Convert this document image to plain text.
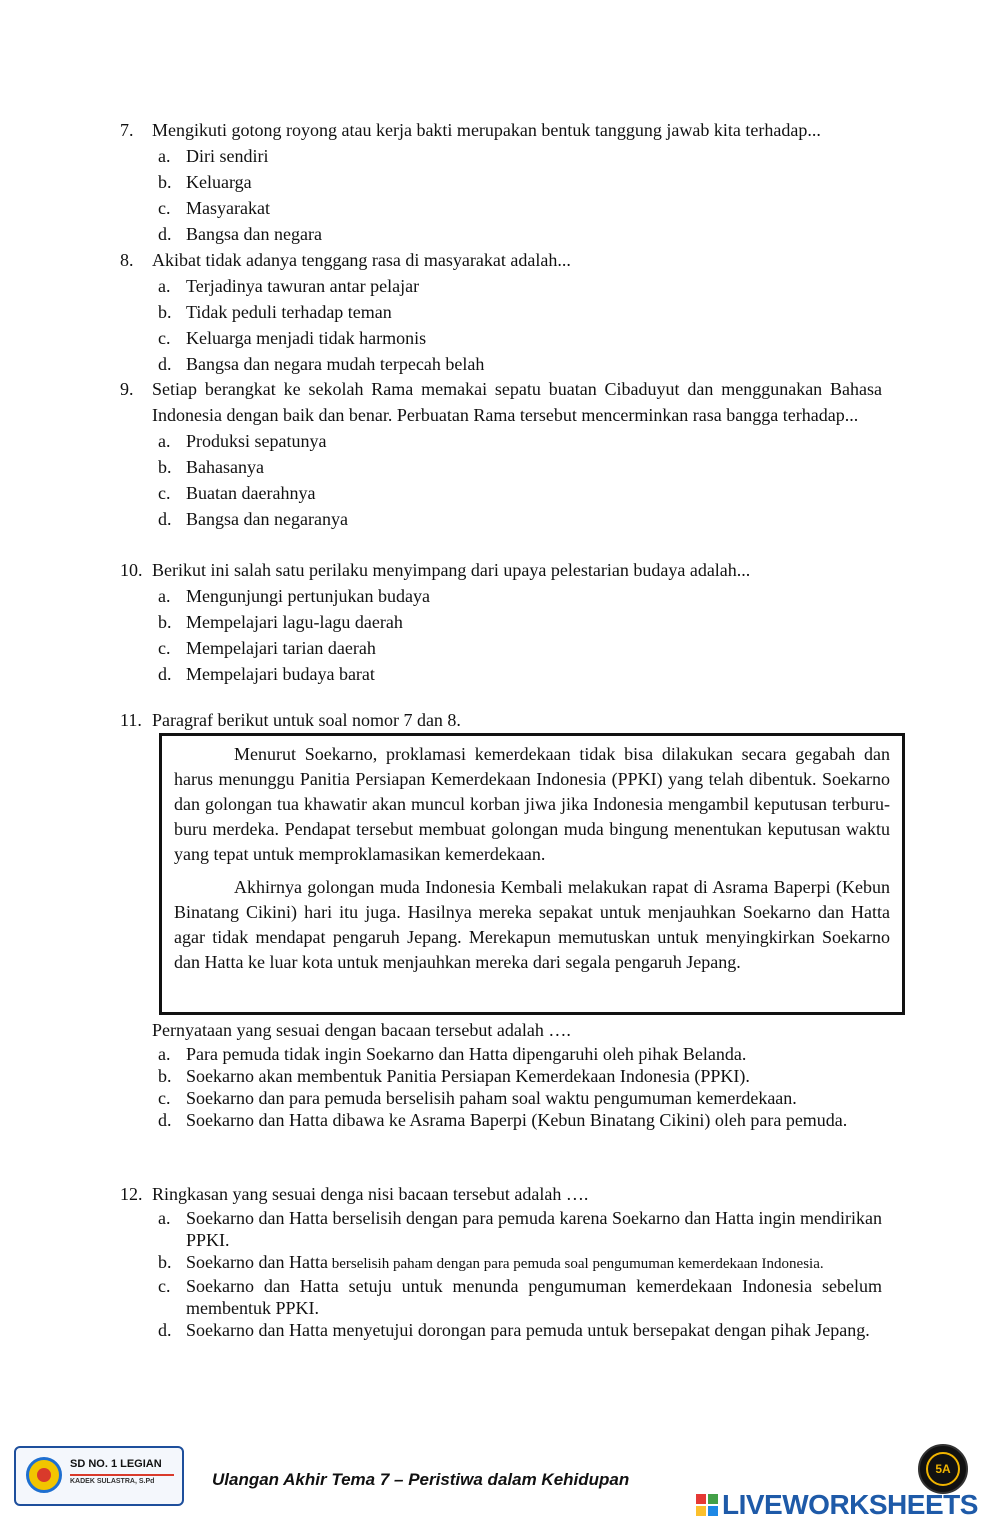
7.	Mengikuti gotong royong atau kerja bakti merupakan bentuk tanggung jawab kita terhadap...
a. Diri sendiri
b. Keluarga
c. Masyarakat
d. Bangsa dan negara
8.	Akibat tidak adanya tenggang rasa di masyarakat adalah...
a. Terjadinya tawuran antar pelajar
b. Tidak peduli terhadap teman
c. Keluarga menjadi tidak harmonis
d. Bangsa dan negara mudah terpecah belah
9.	Setiap berangkat ke sekolah Rama memakai sepatu buatan Cibaduyut dan menggunakan Bahasa Indonesia dengan baik dan benar. Perbuatan Rama tersebut mencerminkan rasa bangga terhadap...
a. Produksi sepatunya
b. Bahasanya
c. Buatan daerahnya
d. Bangsa dan negaranya
10. Berikut ini salah satu perilaku menyimpang dari upaya pelestarian budaya adalah...
a. Mengunjungi pertunjukan budaya
b. Mempelajari lagu-lagu daerah
c. Mempelajari tarian daerah
d. Mempelajari budaya barat
11. Paragraf berikut untuk soal nomor 7 dan 8.

Menurut Soekarno, proklamasi kemerdekaan tidak bisa dilakukan secara gegabah dan harus menunggu Panitia Persiapan Kemerdekaan Indonesia (PPKI) yang telah dibentuk. Soekarno dan golongan tua khawatir akan muncul korban jiwa jika Indonesia mengambil keputusan terburu-buru merdeka. Pendapat tersebut membuat golongan muda bingung menentukan keputusan waktu yang tepat untuk memproklamasikan kemerdekaan.

Akhirnya golongan muda Indonesia Kembali melakukan rapat di Asrama Baperpi (Kebun Binatang Cikini) hari itu juga. Hasilnya mereka sepakat untuk menjauhkan Soekarno dan Hatta agar tidak mendapat pengaruh Jepang. Merekapun memutuskan untuk menyingkirkan Soekarno dan Hatta ke luar kota untuk menjauhkan mereka dari segala pengaruh Jepang.

Pernyataan yang sesuai dengan bacaan tersebut adalah ….
a. Para pemuda tidak ingin Soekarno dan Hatta dipengaruhi oleh pihak Belanda.
b. Soekarno akan membentuk Panitia Persiapan Kemerdekaan Indonesia (PPKI).
c. Soekarno dan para pemuda berselisih paham soal waktu pengumuman kemerdekaan.
d. Soekarno dan Hatta dibawa ke Asrama Baperpi (Kebun Binatang Cikini) oleh para pemuda.
12. Ringkasan yang sesuai denga nisi bacaan tersebut adalah ….
a. Soekarno dan Hatta berselisih dengan para pemuda karena Soekarno dan Hatta ingin mendirikan PPKI.
b. Soekarno dan Hatta berselisih paham dengan para pemuda soal pengumuman kemerdekaan Indonesia.
c. Soekarno dan Hatta setuju untuk menunda pengumuman kemerdekaan Indonesia sebelum membentuk PPKI.
d. Soekarno dan Hatta menyetujui dorongan para pemuda untuk bersepakat dengan pihak Jepang.
SD NO. 1 LEGIAN
KADEK SULASTRA, S.Pd	Ulangan Akhir Tema 7 – Peristiwa dalam Kehidupan
5A
LIVEWORKSHEETS
